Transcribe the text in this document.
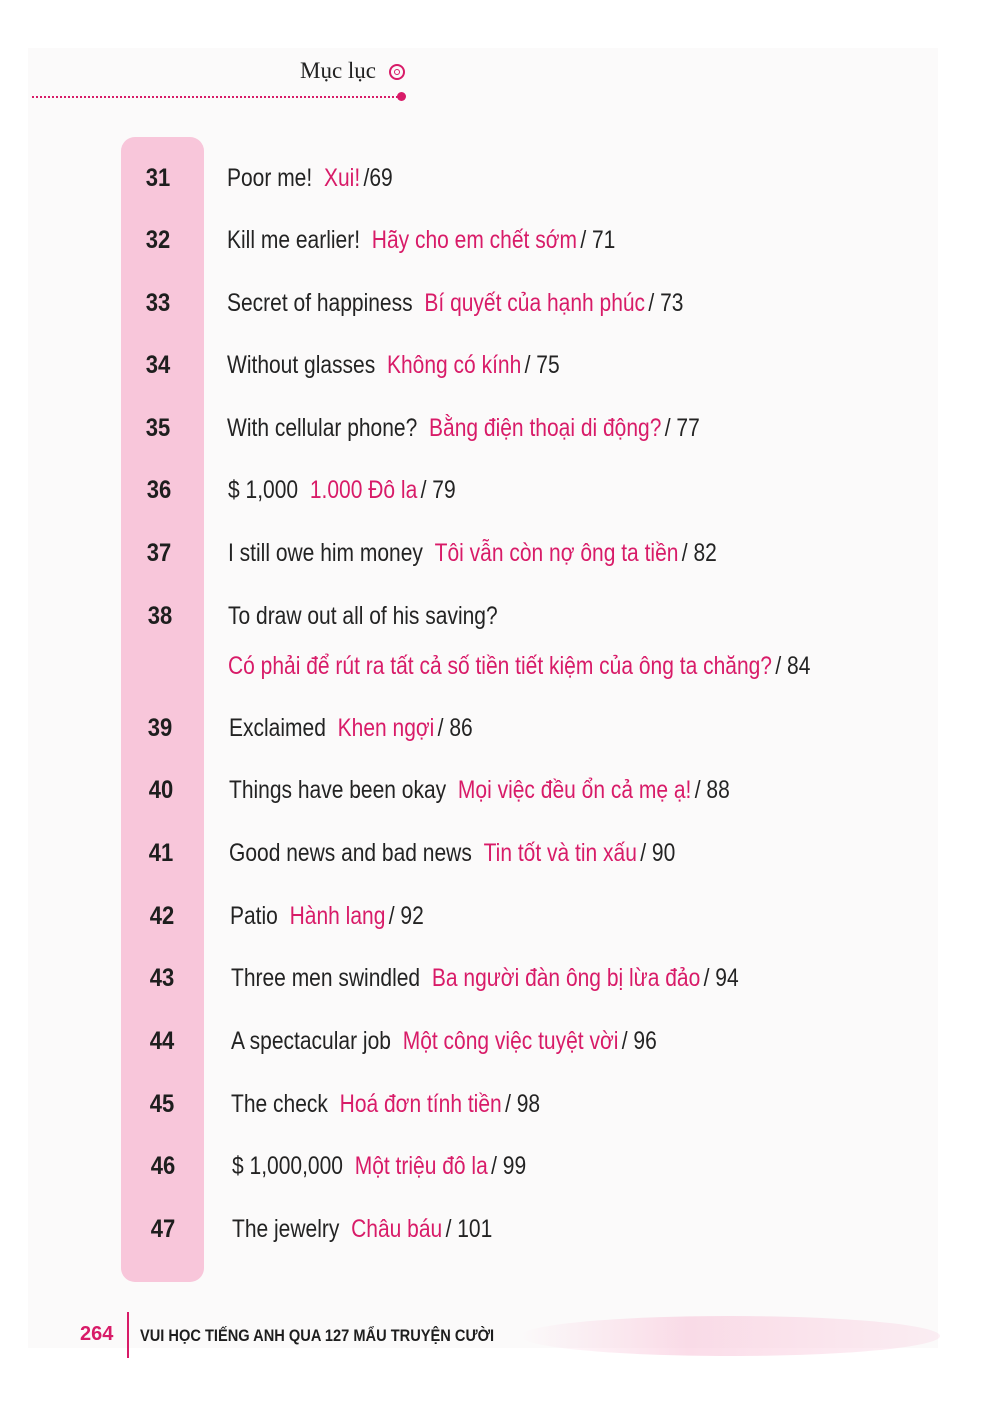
Mục lục
31	Poor me! Xui! /69
32	Kill me earlier! Hãy cho em chết sớm / 71
33	Secret of happiness Bí quyết của hạnh phúc / 73
34	Without glasses Không có kính / 75
35	With cellular phone? Bằng điện thoại di động? / 77
36	$ 1,000 1.000 Đô la / 79
37	I still owe him money Tôi vẫn còn nợ ông ta tiền / 82
38	To draw out all of his saving?
Có phải để rút ra tất cả số tiền tiết kiệm của ông ta chăng? / 84
39	Exclaimed Khen ngợi / 86
40	Things have been okay Mọi việc đều ổn cả mẹ ạ! / 88
41	Good news and bad news Tin tốt và tin xấu / 90
42	Patio Hành lang / 92
43	Three men swindled Ba người đàn ông bị lừa đảo / 94
44	A spectacular job Một công việc tuyệt vời / 96
45	The check Hoá đơn tính tiền / 98
46	$ 1,000,000 Một triệu đô la / 99
47	The jewelry Châu báu / 101
264 VUI HỌC TIẾNG ANH QUA 127 MẨU TRUYỆN CƯỜI
